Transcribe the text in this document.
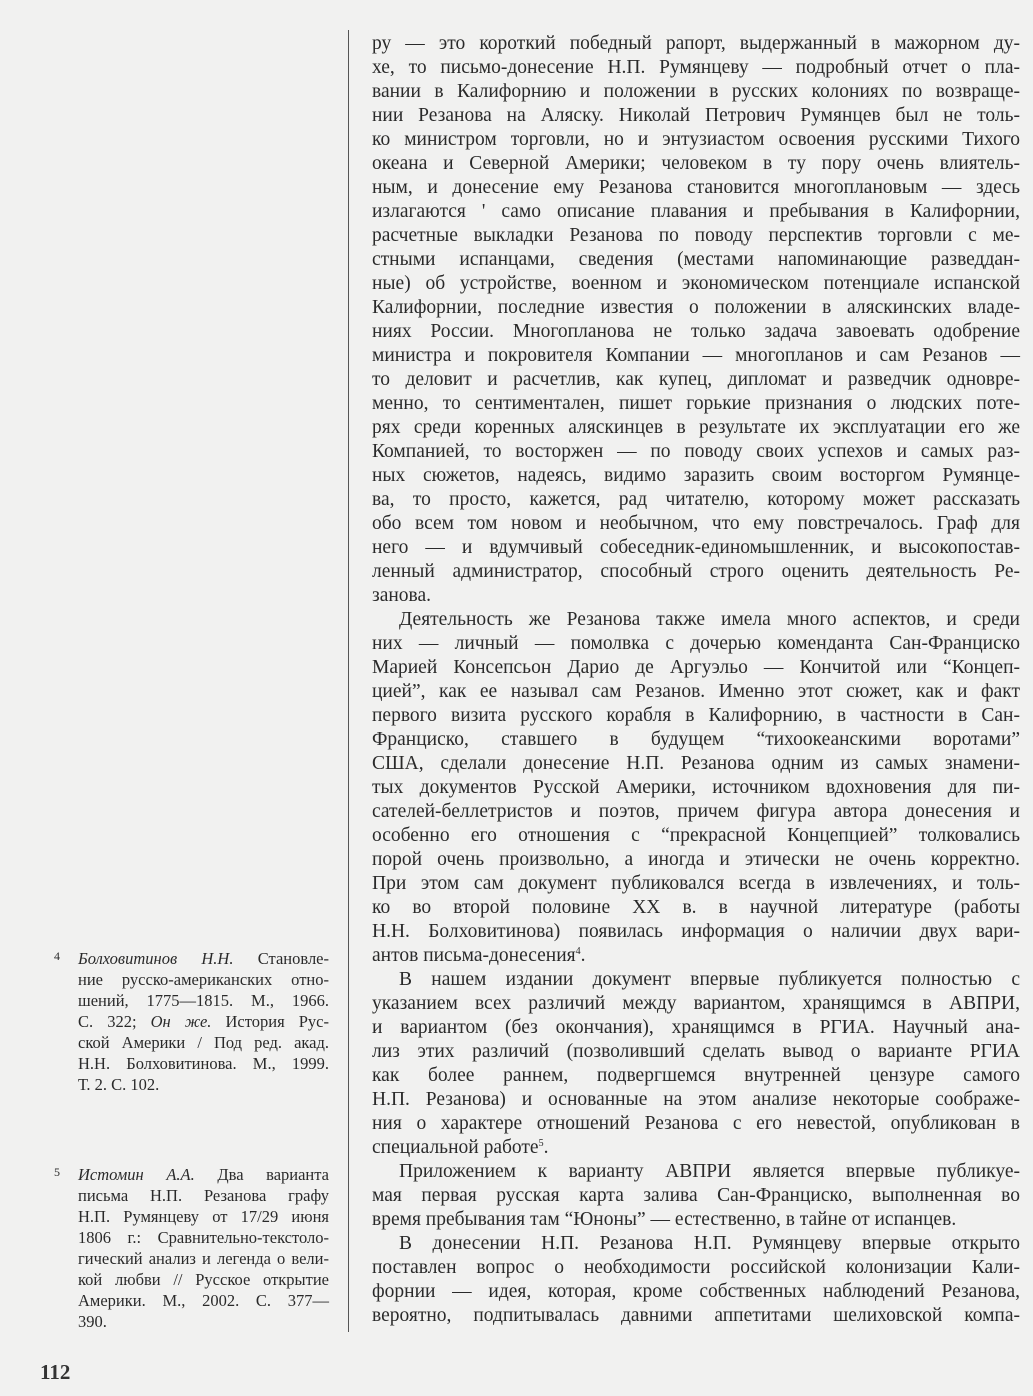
ру — это короткий победный рапорт, выдержанный в мажорном ду-
хе, то письмо-донесение Н.П. Румянцеву — подробный отчет о пла-
вании в Калифорнию и положении в русских колониях по возвраще-
нии Резанова на Аляску. Николай Петрович Румянцев был не толь-
ко министром торговли, но и энтузиастом освоения русскими Тихого
океана и Северной Америки; человеком в ту пору очень влиятель-
ным, и донесение ему Резанова становится многоплановым — здесь
излагаются ' само описание плавания и пребывания в Калифорнии,
расчетные выкладки Резанова по поводу перспектив торговли с ме-
стными испанцами, сведения (местами напоминающие разведдан-
ные) об устройстве, военном и экономическом потенциале испанской
Калифорнии, последние известия о положении в аляскинских владе-
ниях России. Многопланова не только задача завоевать одобрение
министра и покровителя Компании — многопланов и сам Резанов —
то деловит и расчетлив, как купец, дипломат и разведчик одновре-
менно, то сентиментален, пишет горькие признания о людских поте-
рях среди коренных аляскинцев в результате их эксплуатации его же
Компанией, то восторжен — по поводу своих успехов и самых раз-
ных сюжетов, надеясь, видимо заразить своим восторгом Румянце-
ва, то просто, кажется, рад читателю, которому может рассказать
обо всем том новом и необычном, что ему повстречалось. Граф для
него — и вдумчивый собеседник-единомышленник, и высокопостав-
ленный администратор, способный строго оценить деятельность Ре-
занова.
Деятельность же Резанова также имела много аспектов, и среди
них — личный — помолвка с дочерью коменданта Сан-Франциско
Марией Консепсьон Дарио де Аргуэльо — Кончитой или “Концеп-
цией”, как ее называл сам Резанов. Именно этот сюжет, как и факт
первого визита русского корабля в Калифорнию, в частности в Сан-
Франциско, ставшего в будущем “тихоокеанскими воротами”
США, сделали донесение Н.П. Резанова одним из самых знамени-
тых документов Русской Америки, источником вдохновения для пи-
сателей-беллетристов и поэтов, причем фигура автора донесения и
особенно его отношения с “прекрасной Концепцией” толковались
порой очень произвольно, а иногда и этически не очень корректно.
При этом сам документ публиковался всегда в извлечениях, и толь-
ко во второй половине XX в. в научной литературе (работы
Н.Н. Болховитинова) появилась информация о наличии двух вари-
антов письма-донесения$^4$.
В нашем издании документ впервые публикуется полностью с
указанием всех различий между вариантом, хранящимся в АВПРИ,
и вариантом (без окончания), хранящимся в РГИА. Научный ана-
лиз этих различий (позволивший сделать вывод о варианте РГИА
как более раннем, подвергшемся внутренней цензуре самого
Н.П. Резанова) и основанные на этом анализе некоторые соображе-
ния о характере отношений Резанова с его невестой, опубликован в
специальной работе$^5$.
Приложением к варианту АВПРИ является впервые публикуе-
мая первая русская карта залива Сан-Франциско, выполненная во
время пребывания там “Юноны” — естественно, в тайне от испанцев.
В донесении Н.П. Резанова Н.П. Румянцеву впервые открыто
поставлен вопрос о необходимости российской колонизации Кали-
форнии — идея, которая, кроме собственных наблюдений Резанова,
вероятно, подпитывалась давними аппетитами шелиховской компа-
4 Болховитинов Н.Н. Становле-
ние русско-американских отно-
шений, 1775—1815. М., 1966.
С. 322; Он же. История Рус-
ской Америки / Под ред. акад.
Н.Н. Болховитинова. М., 1999.
Т. 2. С. 102.
5 Истомин А.А. Два варианта
письма Н.П. Резанова графу
Н.П. Румянцеву от 17/29 июня
1806 г.: Сравнительно-текстоло-
гический анализ и легенда о вели-
кой любви // Русское открытие
Америки. М., 2002. С. 377—
390.
112
